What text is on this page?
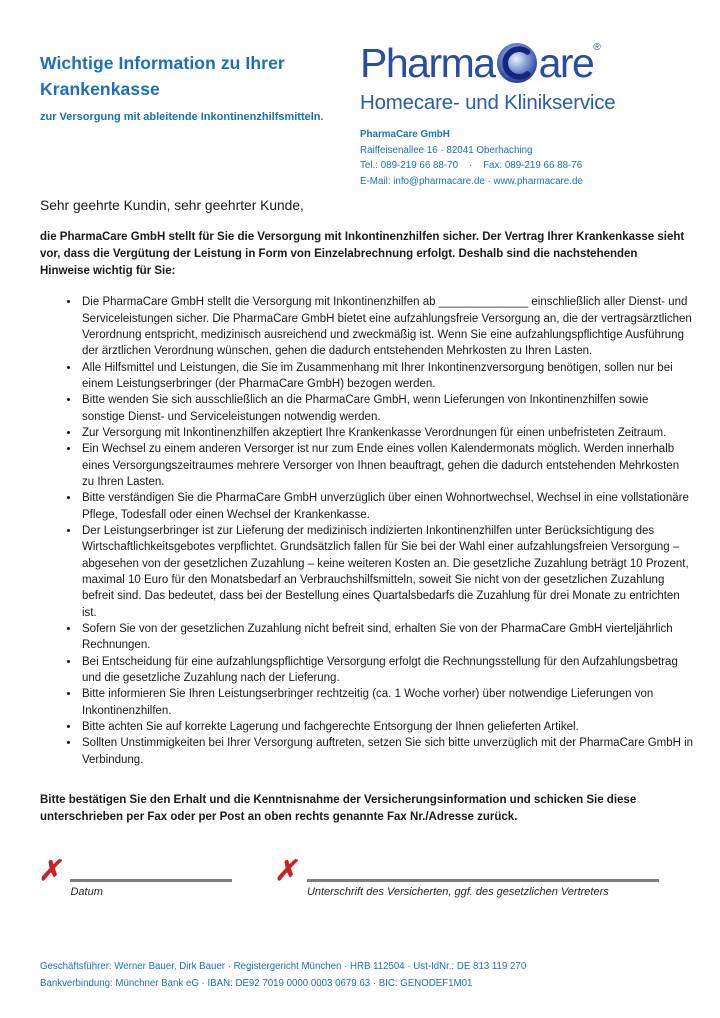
Wichtige Information zu Ihrer Krankenkasse
zur Versorgung mit ableitende Inkontinenzhilfsmitteln.
Pharma are ®
Homecare- und Klinikservice
PharmaCare GmbH
Raiffeisenallee 16 · 82041 Oberhaching
Tel.: 089-219 66 88-70    ·    Fax: 089-219 66 88-76
E-Mail: info@pharmacare.de · www.pharmacare.de
Sehr geehrte Kundin, sehr geehrter Kunde,
die PharmaCare GmbH stellt für Sie die Versorgung mit Inkontinenzhilfen sicher. Der Vertrag Ihrer Krankenkasse sieht vor, dass die Vergütung der Leistung in Form von Einzelabrechnung erfolgt. Deshalb sind die nachstehenden Hinweise wichtig für Sie:
• Die PharmaCare GmbH stellt die Versorgung mit Inkontinenzhilfen ab ______________ einschließlich aller Dienst- und Serviceleistungen sicher. Die PharmaCare GmbH bietet eine aufzahlungsfreie Versorgung an, die der vertragsärztlichen Verordnung entspricht, medizinisch ausreichend und zweckmäßig ist. Wenn Sie eine aufzahlungspflichtige Ausführung der ärztlichen Verordnung wünschen, gehen die dadurch entstehenden Mehrkosten zu Ihren Lasten.
• Alle Hilfsmittel und Leistungen, die Sie im Zusammenhang mit Ihrer Inkontinenzversorgung benötigen, sollen nur bei einem Leistungserbringer (der PharmaCare GmbH) bezogen werden.
• Bitte wenden Sie sich ausschließlich an die PharmaCare GmbH, wenn Lieferungen von Inkontinenzhilfen sowie sonstige Dienst- und Serviceleistungen notwendig werden.
• Zur Versorgung mit Inkontinenzhilfen akzeptiert Ihre Krankenkasse Verordnungen für einen unbefristeten Zeitraum.
• Ein Wechsel zu einem anderen Versorger ist nur zum Ende eines vollen Kalendermonats möglich. Werden innerhalb eines Versorgungszeitraumes mehrere Versorger von Ihnen beauftragt, gehen die dadurch entstehenden Mehrkosten zu Ihren Lasten.
• Bitte verständigen Sie die PharmaCare GmbH unverzüglich über einen Wohnortwechsel, Wechsel in eine vollstationäre Pflege, Todesfall oder einen Wechsel der Krankenkasse.
• Der Leistungserbringer ist zur Lieferung der medizinisch indizierten Inkontinenzhilfen unter Berücksichtigung des Wirtschaftlichkeitsgebotes verpflichtet. Grundsätzlich fallen für Sie bei der Wahl einer aufzahlungsfreien Versorgung – abgesehen von der gesetzlichen Zuzahlung – keine weiteren Kosten an. Die gesetzliche Zuzahlung beträgt 10 Prozent, maximal 10 Euro für den Monatsbedarf an Verbrauchshilfsmitteln, soweit Sie nicht von der gesetzlichen Zuzahlung befreit sind. Das bedeutet, dass bei der Bestellung eines Quartalsbedarfs die Zuzahlung für drei Monate zu entrichten ist.
• Sofern Sie von der gesetzlichen Zuzahlung nicht befreit sind, erhalten Sie von der PharmaCare GmbH vierteljährlich Rechnungen.
• Bei Entscheidung für eine aufzahlungspflichtige Versorgung erfolgt die Rechnungsstellung für den Aufzahlungsbetrag und die gesetzliche Zuzahlung nach der Lieferung.
• Bitte informieren Sie Ihren Leistungserbringer rechtzeitig (ca. 1 Woche vorher) über notwendige Lieferungen von Inkontinenzhilfen.
• Bitte achten Sie auf korrekte Lagerung und fachgerechte Entsorgung der Ihnen gelieferten Artikel.
• Sollten Unstimmigkeiten bei Ihrer Versorgung auftreten, setzen Sie sich bitte unverzüglich mit der PharmaCare GmbH in Verbindung.
Bitte bestätigen Sie den Erhalt und die Kenntnisnahme der Versicherungsinformation und schicken Sie diese unterschrieben per Fax oder per Post an oben rechts genannte Fax Nr./Adresse zurück.
✗
Datum
✗
Unterschrift des Versicherten, ggf. des gesetzlichen Vertreters
Geschäftsführer: Werner Bauer, Dirk Bauer · Registergericht München · HRB 112504 · Ust-IdNr.: DE 813 119 270
Bankverbindung: Münchner Bank eG · IBAN: DE92 7019 0000 0003 0679 63 · BIC: GENODEF1M01
